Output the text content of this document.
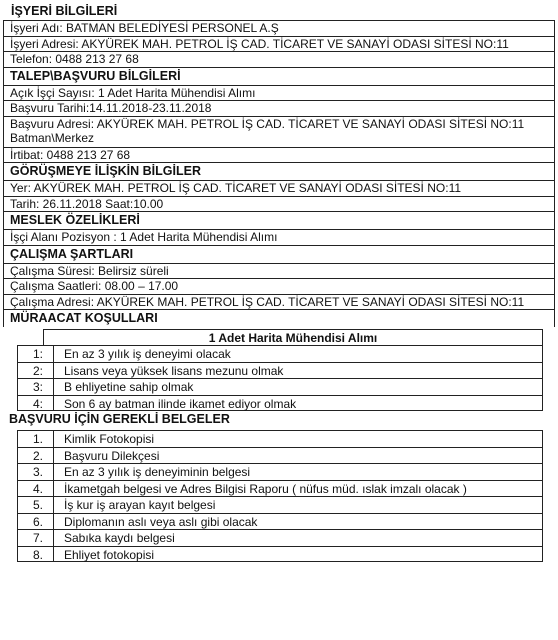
İŞYERİ BİLGİLERİ
İşyeri Adı: BATMAN BELEDİYESİ PERSONEL A.Ş
İşyeri Adresi: AKYÜREK MAH. PETROL İŞ CAD. TİCARET VE SANAYİ ODASI SİTESİ NO:11
Telefon: 0488 213 27 68
TALEP\BAŞVURU BİLGİLERİ
Açık İşçi Sayısı: 1 Adet Harita Mühendisi Alımı
Başvuru Tarihi:14.11.2018-23.11.2018
Başvuru Adresi: AKYÜREK MAH. PETROL İŞ CAD. TİCARET VE SANAYİ ODASI SİTESİ NO:11 Batman\Merkez
İrtibat: 0488 213 27 68
GÖRÜŞMEYE İLİŞKİN BİLGİLER
Yer: AKYÜREK MAH. PETROL İŞ CAD. TİCARET VE SANAYİ ODASI SİTESİ NO:11
Tarih: 26.11.2018 Saat:10.00
MESLEK ÖZELİKLERİ
İşçi Alanı Pozisyon : 1 Adet Harita Mühendisi Alımı
ÇALIŞMA ŞARTLARI
Çalışma Süresi: Belirsiz süreli
Çalışma Saatleri: 08.00 – 17.00
Çalışma Adresi: AKYÜREK MAH. PETROL İŞ CAD. TİCARET VE SANAYİ ODASI SİTESİ NO:11
MÜRAACAT KOŞULLARI
1 Adet Harita Mühendisi Alımı
1:	En az 3 yılık iş deneyimi olacak
2:	Lisans veya yüksek lisans mezunu olmak
3:	B ehliyetine sahip olmak
4:	Son 6 ay batman ilinde ikamet ediyor olmak
BAŞVURU İÇİN GEREKLİ BELGELER
1.	Kimlik Fotokopisi
2.	Başvuru Dilekçesi
3.	En az 3 yılık iş deneyiminin belgesi
4.	İkametgah belgesi ve Adres Bilgisi Raporu ( nüfus müd. ıslak imzalı olacak )
5.	İş kur iş arayan kayıt belgesi
6.	Diplomanın aslı veya aslı gibi olacak
7.	Sabıka kaydı belgesi
8.	Ehliyet fotokopisi
